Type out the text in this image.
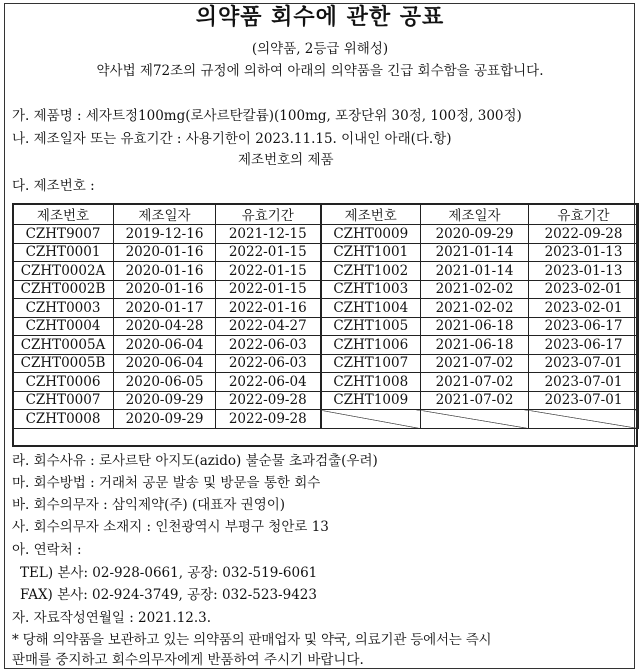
의약품 회수에 관한 공표
(의약품, 2등급 위해성)
약사법 제72조의 규정에 의하여 아래의 의약품을 긴급 회수함을 공표합니다.
가. 제품명 : 세자트정100mg(로사르탄칼륨)(100mg, 포장단위 30정, 100정, 300정)
나. 제조일자 또는 유효기간 : 사용기한이 2023.11.15. 이내인 아래(다.항)
제조번호의 제품
다. 제조번호 :
제조번호	제조일자	유효기간	제조번호	제조일자	유효기간
CZHT9007	2019-12-16	2021-12-15	CZHT0009	2020-09-29	2022-09-28
CZHT0001	2020-01-16	2022-01-15	CZHT1001	2021-01-14	2023-01-13
CZHT0002A	2020-01-16	2022-01-15	CZHT1002	2021-01-14	2023-01-13
CZHT0002B	2020-01-16	2022-01-15	CZHT1003	2021-02-02	2023-02-01
CZHT0003	2020-01-17	2022-01-16	CZHT1004	2021-02-02	2023-02-01
CZHT0004	2020-04-28	2022-04-27	CZHT1005	2021-06-18	2023-06-17
CZHT0005A	2020-06-04	2022-06-03	CZHT1006	2021-06-18	2023-06-17
CZHT0005B	2020-06-04	2022-06-03	CZHT1007	2021-07-02	2023-07-01
CZHT0006	2020-06-05	2022-06-04	CZHT1008	2021-07-02	2023-07-01
CZHT0007	2020-09-29	2022-09-28	CZHT1009	2021-07-02	2023-07-01
CZHT0008	2020-09-29	2022-09-28			
라. 회수사유 : 로사르탄 아지도(azido) 불순물 초과검출(우려)
마. 회수방법 : 거래처 공문 발송 및 방문을 통한 회수
바. 회수의무자 : 삼익제약(주) (대표자 권영이)
사. 회수의무자 소재지 : 인천광역시 부평구 청안로 13
아. 연락처 :
TEL) 본사: 02-928-0661, 공장: 032-519-6061
FAX) 본사: 02-924-3749, 공장: 032-523-9423
자. 자료작성연월일 : 2021.12.3.
* 당해 의약품을 보관하고 있는 의약품의 판매업자 및 약국, 의료기관 등에서는 즉시
판매를 중지하고 회수의무자에게 반품하여 주시기 바랍니다.
